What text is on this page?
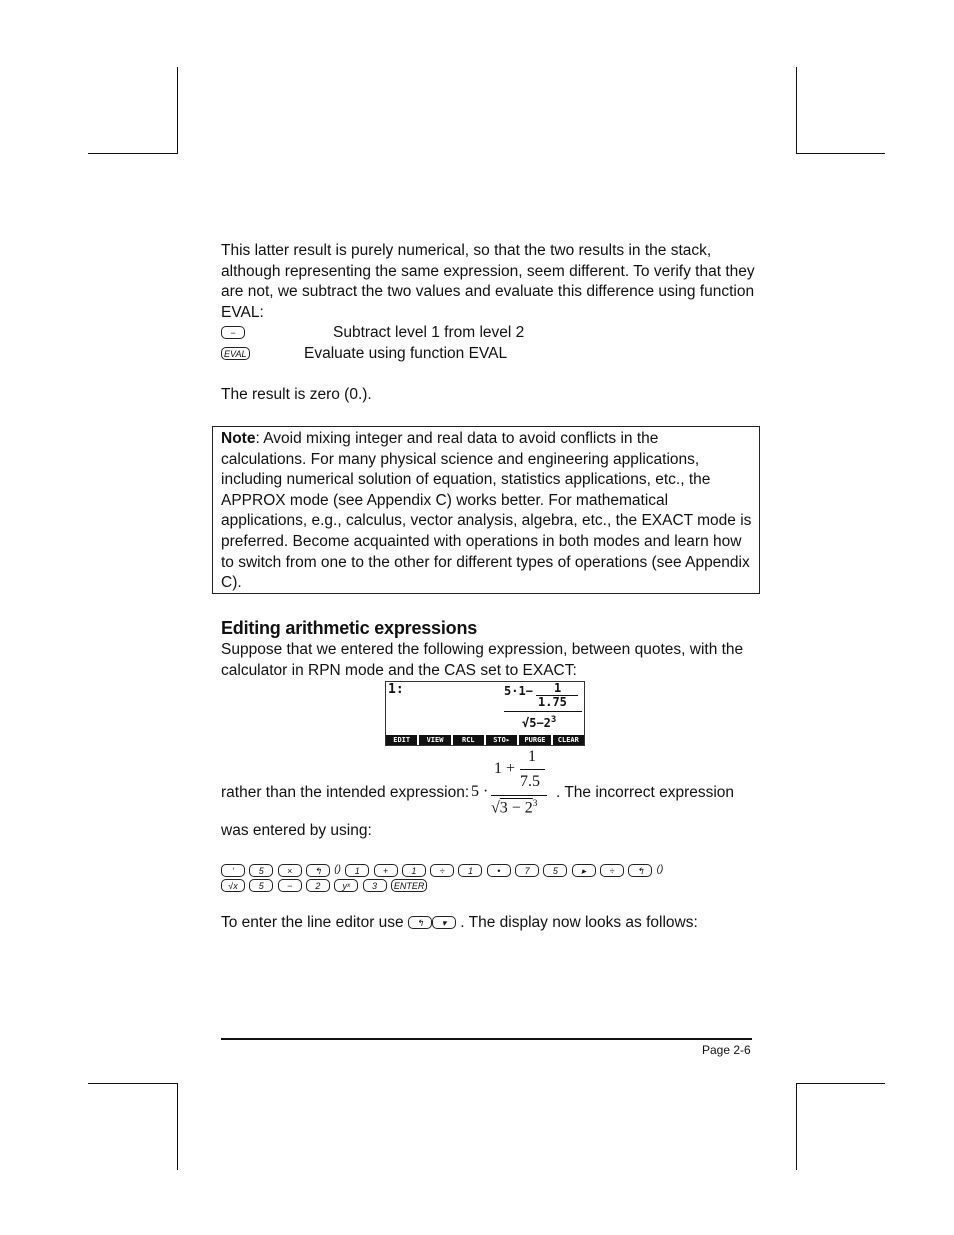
This latter result is purely numerical, so that the two results in the stack,
although representing the same expression, seem different. To verify that they
are not, we subtract the two values and evaluate this difference using function
EVAL:
−	Subtract level 1 from level 2
EVAL	Evaluate using function EVAL
The result is zero (0.).
Note: Avoid mixing integer and real data to avoid conflicts in the
calculations. For many physical science and engineering applications,
including numerical solution of equation, statistics applications, etc., the
APPROX mode (see Appendix C) works better. For mathematical
applications, e.g., calculus, vector analysis, algebra, etc., the EXACT mode is
preferred. Become acquainted with operations in both modes and learn how
to switch from one to the other for different types of operations (see Appendix
C).
Editing arithmetic expressions
Suppose that we entered the following expression, between quotes, with the
calculator in RPN mode and the CAS set to EXACT:
1:	5·1− 1
1.75
$√5-2^3$
EDIT	VIEW	RCL	STO▸	PURGE	CLEAR
rather than the intended expression: 5 ·
1 +
1
7.5
$√3 - 2^3$
. The incorrect expression
was entered by using:
‘	5	× ↰ () 1	+	1	÷	1	•	7	5	▸	÷ ↰ ()
√x 5	−	2 yˣ 3 ENTER
To enter the line editor use ↰ ▾ . The display now looks as follows:
Page 2-6
